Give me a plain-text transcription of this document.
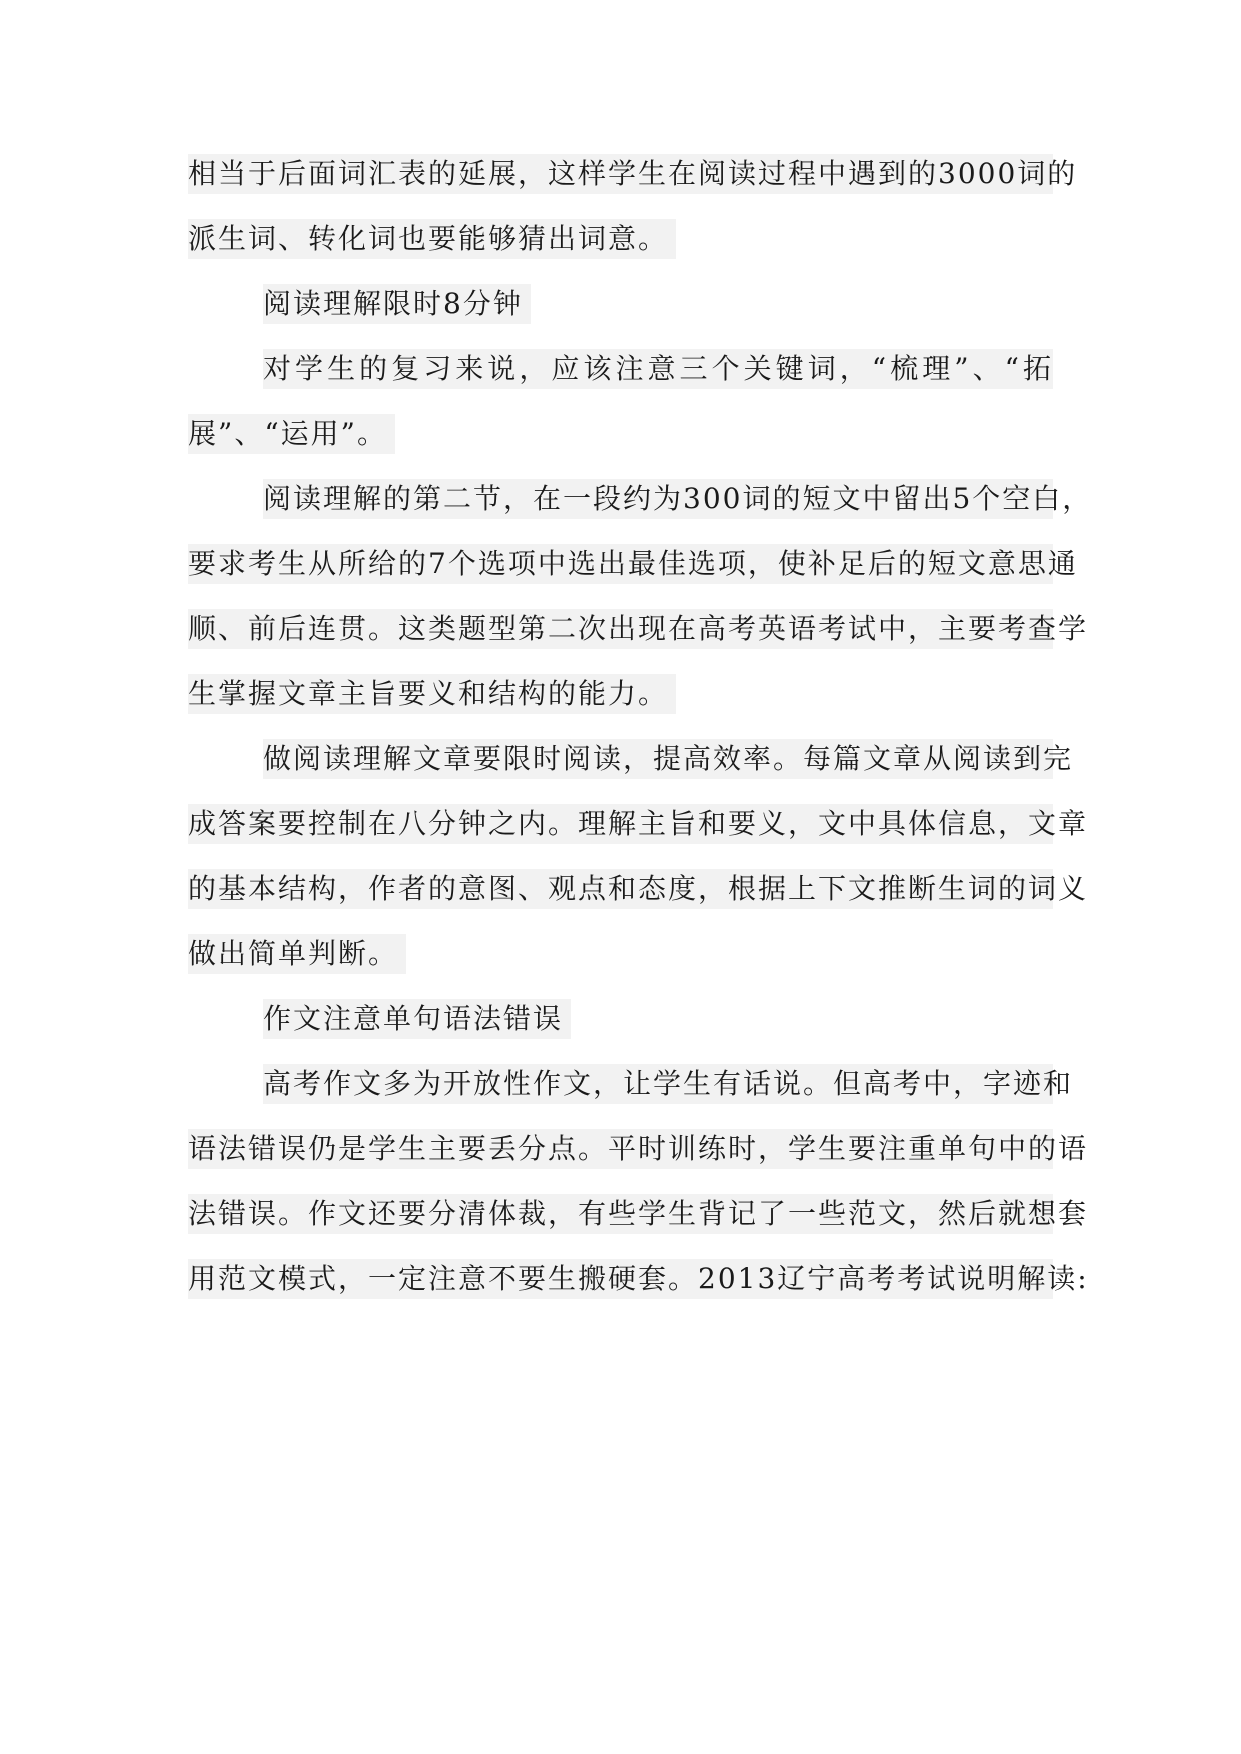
相当于后面词汇表的延展，这样学生在阅读过程中遇到的3000词的
派生词、转化词也要能够猜出词意。
阅读理解限时8分钟
对学生的复习来说，应该注意三个关键词，“梳理”、“拓
展”、“运用”。
阅读理解的第二节，在一段约为300词的短文中留出5个空白，
要求考生从所给的7个选项中选出最佳选项，使补足后的短文意思通
顺、前后连贯。这类题型第二次出现在高考英语考试中，主要考查学
生掌握文章主旨要义和结构的能力。
做阅读理解文章要限时阅读，提高效率。每篇文章从阅读到完
成答案要控制在八分钟之内。理解主旨和要义，文中具体信息，文章
的基本结构，作者的意图、观点和态度，根据上下文推断生词的词义
做出简单判断。
作文注意单句语法错误
高考作文多为开放性作文，让学生有话说。但高考中，字迹和
语法错误仍是学生主要丢分点。平时训练时，学生要注重单句中的语
法错误。作文还要分清体裁，有些学生背记了一些范文，然后就想套
用范文模式，一定注意不要生搬硬套。2013辽宁高考考试说明解读:
